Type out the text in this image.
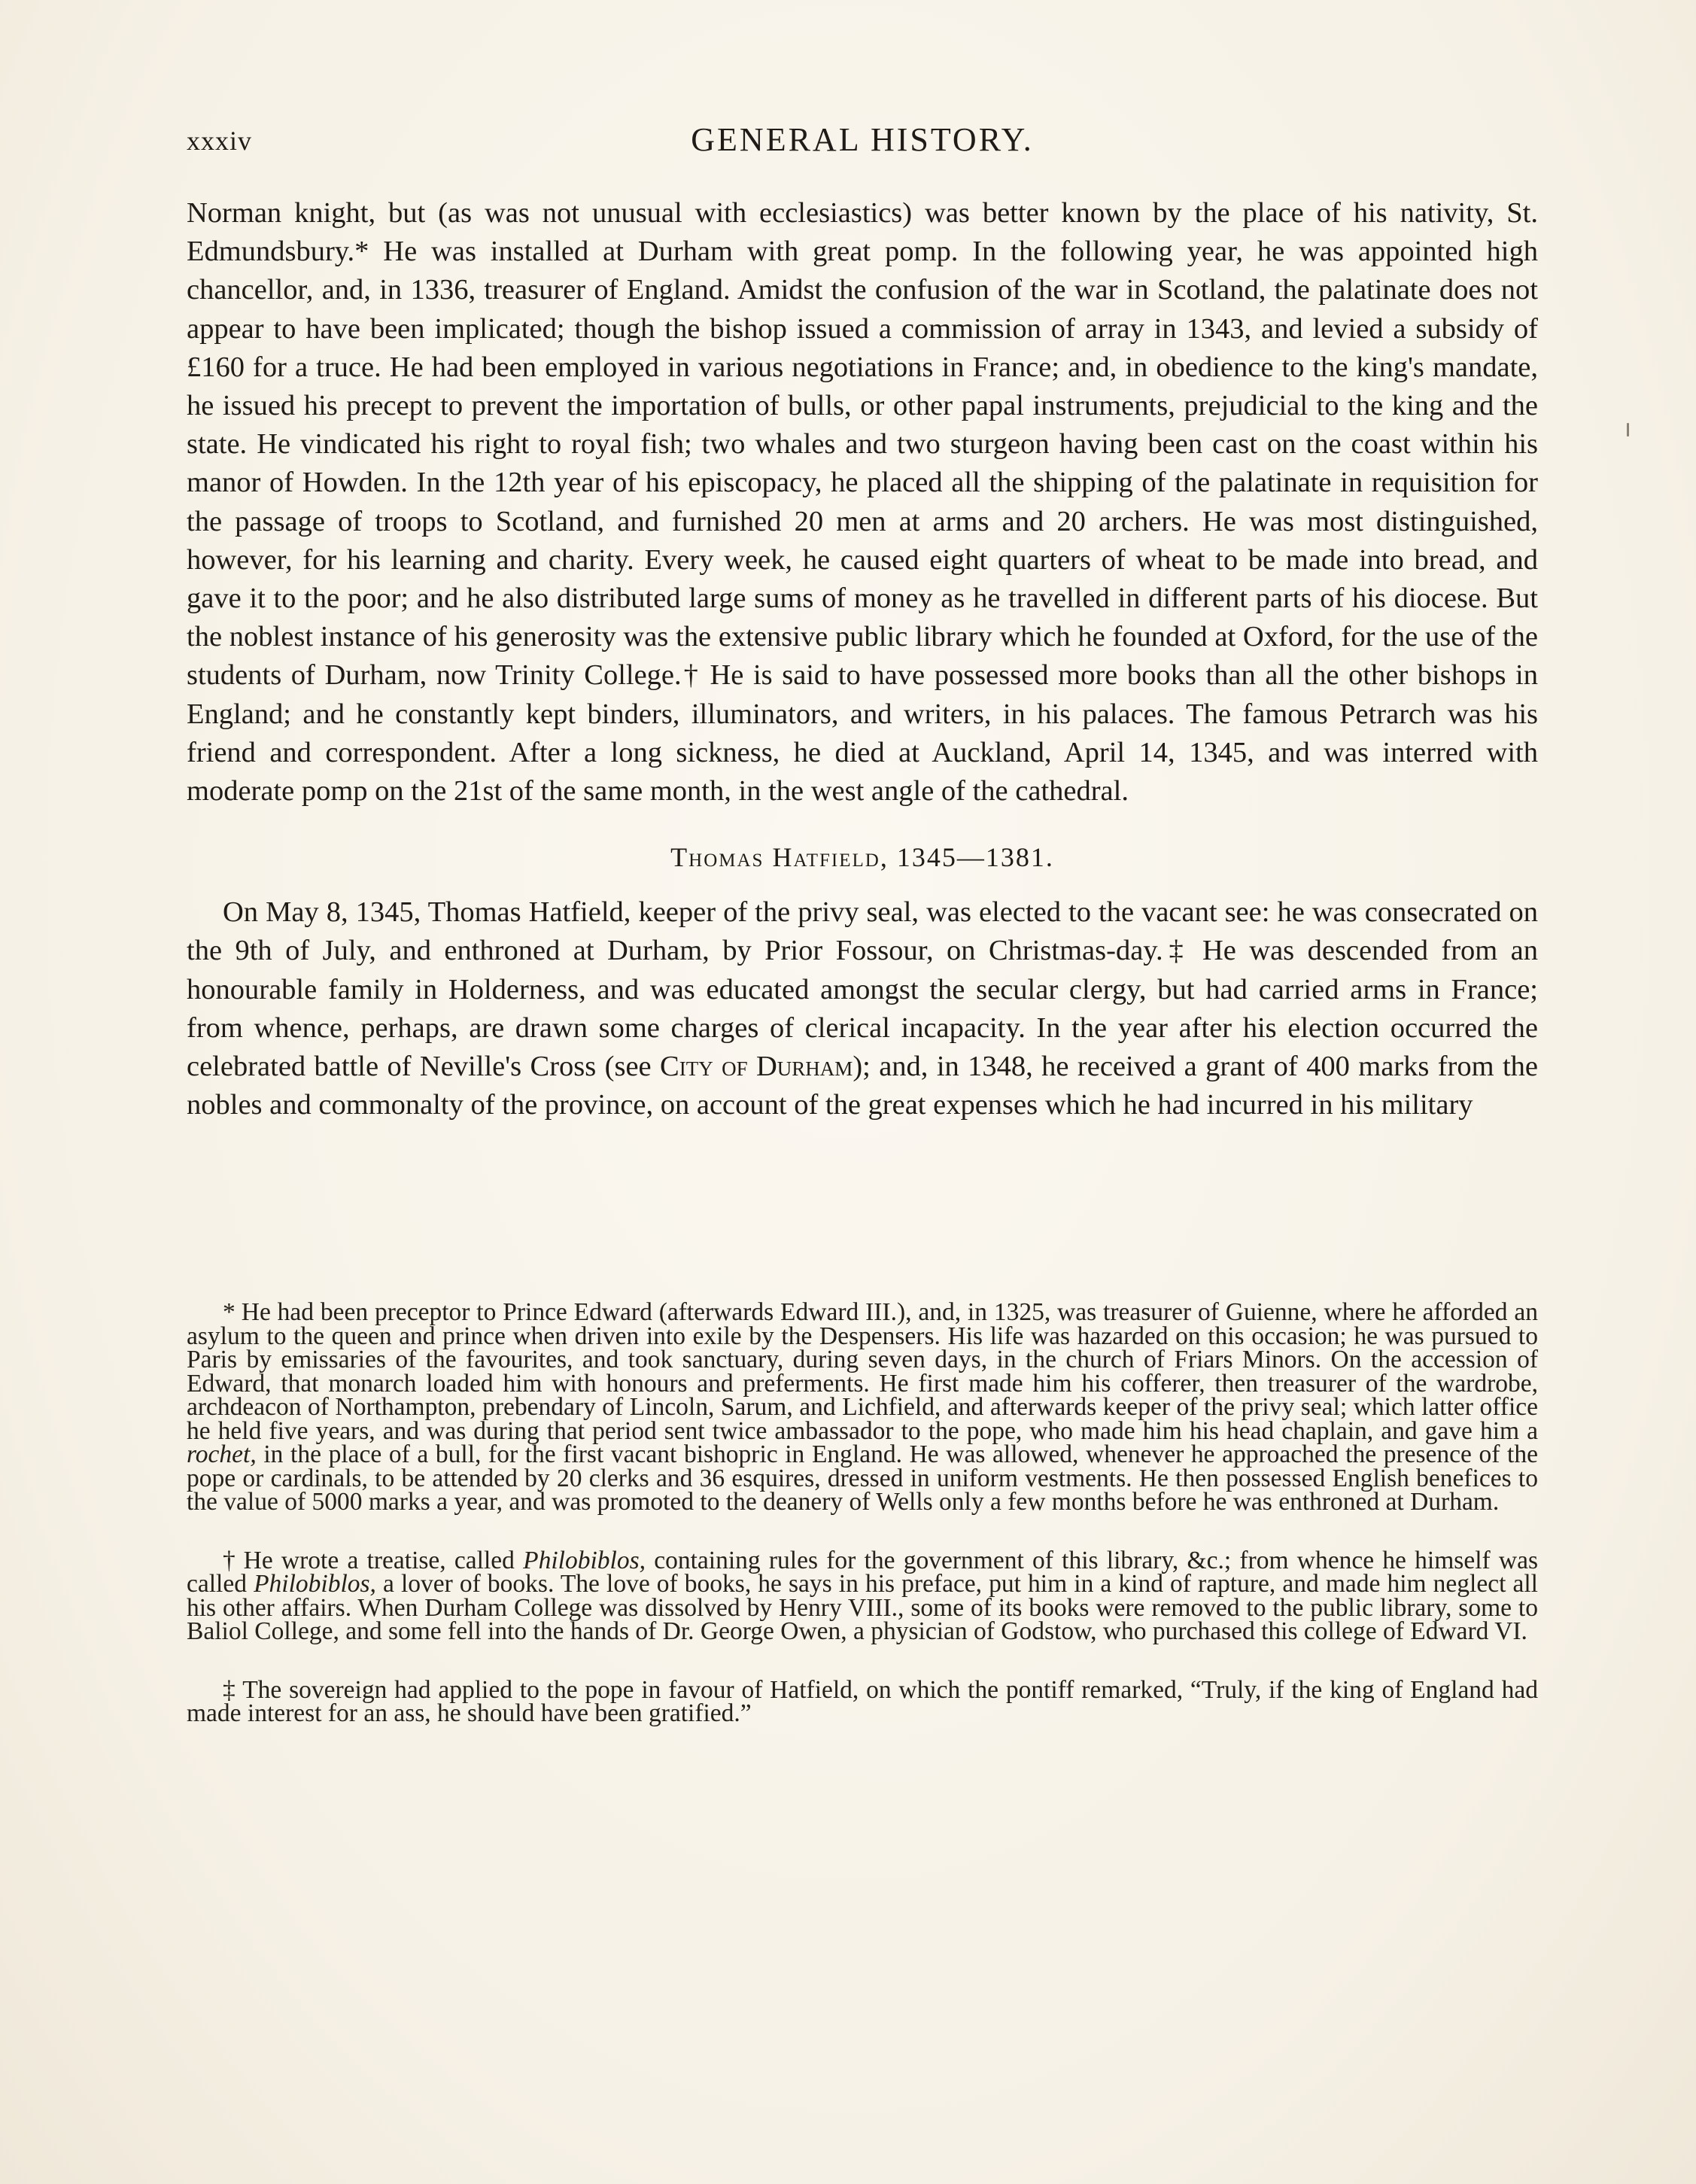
xxxiv	GENERAL HISTORY.

Norman knight, but (as was not unusual with ecclesiastics) was better known by the place of his nativity, St. Edmundsbury.* He was installed at Durham with great pomp. In the following year, he was appointed high chancellor, and, in 1336, treasurer of England. Amidst the confusion of the war in Scotland, the palatinate does not appear to have been implicated; though the bishop issued a commission of array in 1343, and levied a subsidy of £160 for a truce. He had been employed in various negotiations in France; and, in obedience to the king's mandate, he issued his precept to prevent the importation of bulls, or other papal instruments, prejudicial to the king and the state. He vindicated his right to royal fish; two whales and two sturgeon having been cast on the coast within his manor of Howden. In the 12th year of his episcopacy, he placed all the shipping of the palatinate in requisition for the passage of troops to Scotland, and furnished 20 men at arms and 20 archers. He was most distinguished, however, for his learning and charity. Every week, he caused eight quarters of wheat to be made into bread, and gave it to the poor; and he also distributed large sums of money as he travelled in different parts of his diocese. But the noblest instance of his generosity was the extensive public library which he founded at Oxford, for the use of the students of Durham, now Trinity College.† He is said to have possessed more books than all the other bishops in England; and he constantly kept binders, illuminators, and writers, in his palaces. The famous Petrarch was his friend and correspondent. After a long sickness, he died at Auckland, April 14, 1345, and was interred with moderate pomp on the 21st of the same month, in the west angle of the cathedral.

Thomas Hatfield, 1345—1381.

On May 8, 1345, Thomas Hatfield, keeper of the privy seal, was elected to the vacant see: he was consecrated on the 9th of July, and enthroned at Durham, by Prior Fossour, on Christmas-day.‡ He was descended from an honourable family in Holderness, and was educated amongst the secular clergy, but had carried arms in France; from whence, perhaps, are drawn some charges of clerical incapacity. In the year after his election occurred the celebrated battle of Neville's Cross (see City of Durham); and, in 1348, he received a grant of 400 marks from the nobles and commonalty of the province, on account of the great expenses which he had incurred in his military

* He had been preceptor to Prince Edward (afterwards Edward III.), and, in 1325, was treasurer of Guienne, where he afforded an asylum to the queen and prince when driven into exile by the Despensers. His life was hazarded on this occasion; he was pursued to Paris by emissaries of the favourites, and took sanctuary, during seven days, in the church of Friars Minors. On the accession of Edward, that monarch loaded him with honours and preferments. He first made him his cofferer, then treasurer of the wardrobe, archdeacon of Northampton, prebendary of Lincoln, Sarum, and Lichfield, and afterwards keeper of the privy seal; which latter office he held five years, and was during that period sent twice ambassador to the pope, who made him his head chaplain, and gave him a rochet, in the place of a bull, for the first vacant bishopric in England. He was allowed, whenever he approached the presence of the pope or cardinals, to be attended by 20 clerks and 36 esquires, dressed in uniform vestments. He then possessed English benefices to the value of 5000 marks a year, and was promoted to the deanery of Wells only a few months before he was enthroned at Durham.

† He wrote a treatise, called Philobiblos, containing rules for the government of this library, &c.; from whence he himself was called Philobiblos, a lover of books. The love of books, he says in his preface, put him in a kind of rapture, and made him neglect all his other affairs. When Durham College was dissolved by Henry VIII., some of its books were removed to the public library, some to Baliol College, and some fell into the hands of Dr. George Owen, a physician of Godstow, who purchased this college of Edward VI.

‡ The sovereign had applied to the pope in favour of Hatfield, on which the pontiff remarked, “Truly, if the king of England had made interest for an ass, he should have been gratified.”
